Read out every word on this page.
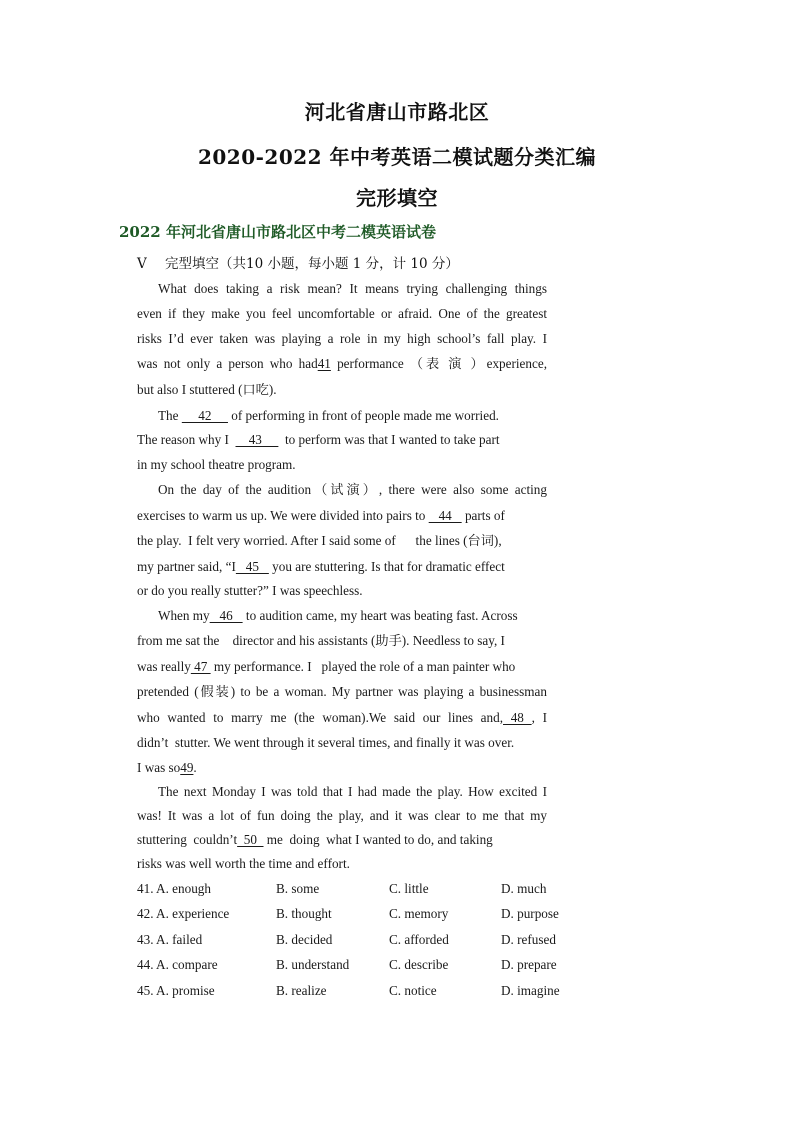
河北省唐山市路北区
2020-2022 年中考英语二模试题分类汇编
完形填空
2022 年河北省唐山市路北区中考二模英语试卷
V 完型填空（共10 小题，每小题 1 分，计 10 分）
What does taking a risk mean? It means trying challenging things
even if they make you feel uncomfortable or afraid. One of the greatest
risks I’d ever taken was playing a role in my high school’s fall play. I
was not only a person who had41 performance （表 演 ）experience,
but also I stuttered (口吃).
The      42      of performing in front of people made me worried.
The reason why I      43       to perform was that I wanted to take part
in my school theatre program.
On the day of the audition（试演）, there were also some acting
exercises to warm us up. We were divided into pairs to    44    parts of
the play.  I felt very worried. After I said some of      the lines (台词),
my partner said, “I   45    you are stuttering. Is that for dramatic effect
or do you really stutter?” I was speechless.
When my   46    to audition came, my heart was beating fast. Across
from me sat the    director and his assistants (助手). Needless to say, I
was really 47  my performance. I   played the role of a man painter who
pretended (假装) to be a woman. My partner was playing a businessman
who wanted to marry me (the woman).We said our lines and, 48 , I
didn’t  stutter. We went through it several times, and finally it was over.
I was so49.
The next Monday I was told that I had made the play. How excited I
was! It was a lot of fun doing the play, and it was clear to me that my
stuttering  couldn’t  50   me  doing  what I wanted to do, and taking
risks was well worth the time and effort.
41. A. enough	B. some	C. little	D. much
42. A. experience	B. thought	C. memory	D. purpose
43. A. failed	B. decided	C. afforded	D. refused
44. A. compare	B. understand	C. describe	D. prepare
45. A. promise	B. realize	C. notice	D. imagine
